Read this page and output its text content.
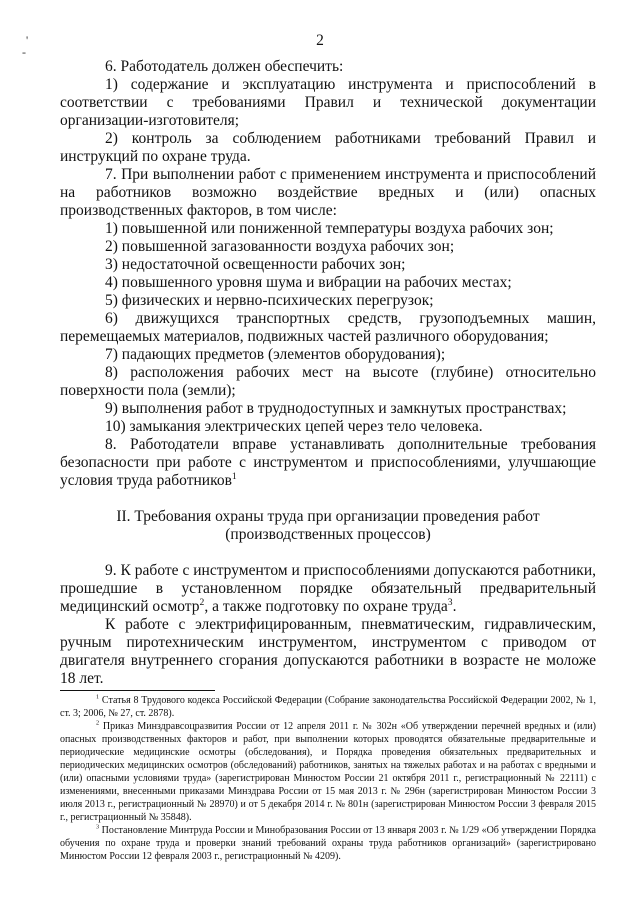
2
'
-

6. Работодатель должен обеспечить:

1) содержание и эксплуатацию инструмента и приспособлений в соответствии с требованиями Правил и технической документации организации-изготовителя;

2) контроль за соблюдением работниками требований Правил и инструкций по охране труда.

7. При выполнении работ с применением инструмента и приспособлений на работников возможно воздействие вредных и (или) опасных производственных факторов, в том числе:

1) повышенной или пониженной температуры воздуха рабочих зон;

2) повышенной загазованности воздуха рабочих зон;

3) недостаточной освещенности рабочих зон;

4) повышенного уровня шума и вибрации на рабочих местах;

5) физических и нервно-психических перегрузок;

6) движущихся транспортных средств, грузоподъемных машин, перемещаемых материалов, подвижных частей различного оборудования;

7) падающих предметов (элементов оборудования);

8) расположения рабочих мест на высоте (глубине) относительно поверхности пола (земли);

9) выполнения работ в труднодоступных и замкнутых пространствах;

10) замыкания электрических цепей через тело человека.

8. Работодатели вправе устанавливать дополнительные требования безопасности при работе с инструментом и приспособлениями, улучшающие условия труда работников$^1$

II. Требования охраны труда при организации проведения работ

(производственных процессов)

9. К работе с инструментом и приспособлениями допускаются работники, прошедшие в установленном порядке обязательный предварительный медицинский осмотр$^2$, а также подготовку по охране труда$^3$.

К работе с электрифицированным, пневматическим, гидравлическим, ручным пиротехническим инструментом, инструментом с приводом от двигателя внутреннего сгорания допускаются работники в возрасте не моложе 18 лет.

$^1$ Статья 8 Трудового кодекса Российской Федерации (Собрание законодательства Российской Федерации 2002, № 1, ст. 3; 2006, № 27, ст. 2878).

$^2$ Приказ Минздравсоцразвития России от 12 апреля 2011 г. № 302н «Об утверждении перечней вредных и (или) опасных производственных факторов и работ, при выполнении которых проводятся обязательные предварительные и периодические медицинские осмотры (обследования), и Порядка проведения обязательных предварительных и периодических медицинских осмотров (обследований) работников, занятых на тяжелых работах и на работах с вредными и (или) опасными условиями труда» (зарегистрирован Минюстом России 21 октября 2011 г., регистрационный № 22111) с изменениями, внесенными приказами Минздрава России от 15 мая 2013 г. № 296н (зарегистрирован Минюстом России 3 июля 2013 г., регистрационный № 28970) и от 5 декабря 2014 г. № 801н (зарегистрирован Минюстом России 3 февраля 2015 г., регистрационный № 35848).

$^3$ Постановление Минтруда России и Минобразования России от 13 января 2003 г. № 1/29 «Об утверждении Порядка обучения по охране труда и проверки знаний требований охраны труда работников организаций» (зарегистрировано Минюстом России 12 февраля 2003 г., регистрационный № 4209).
